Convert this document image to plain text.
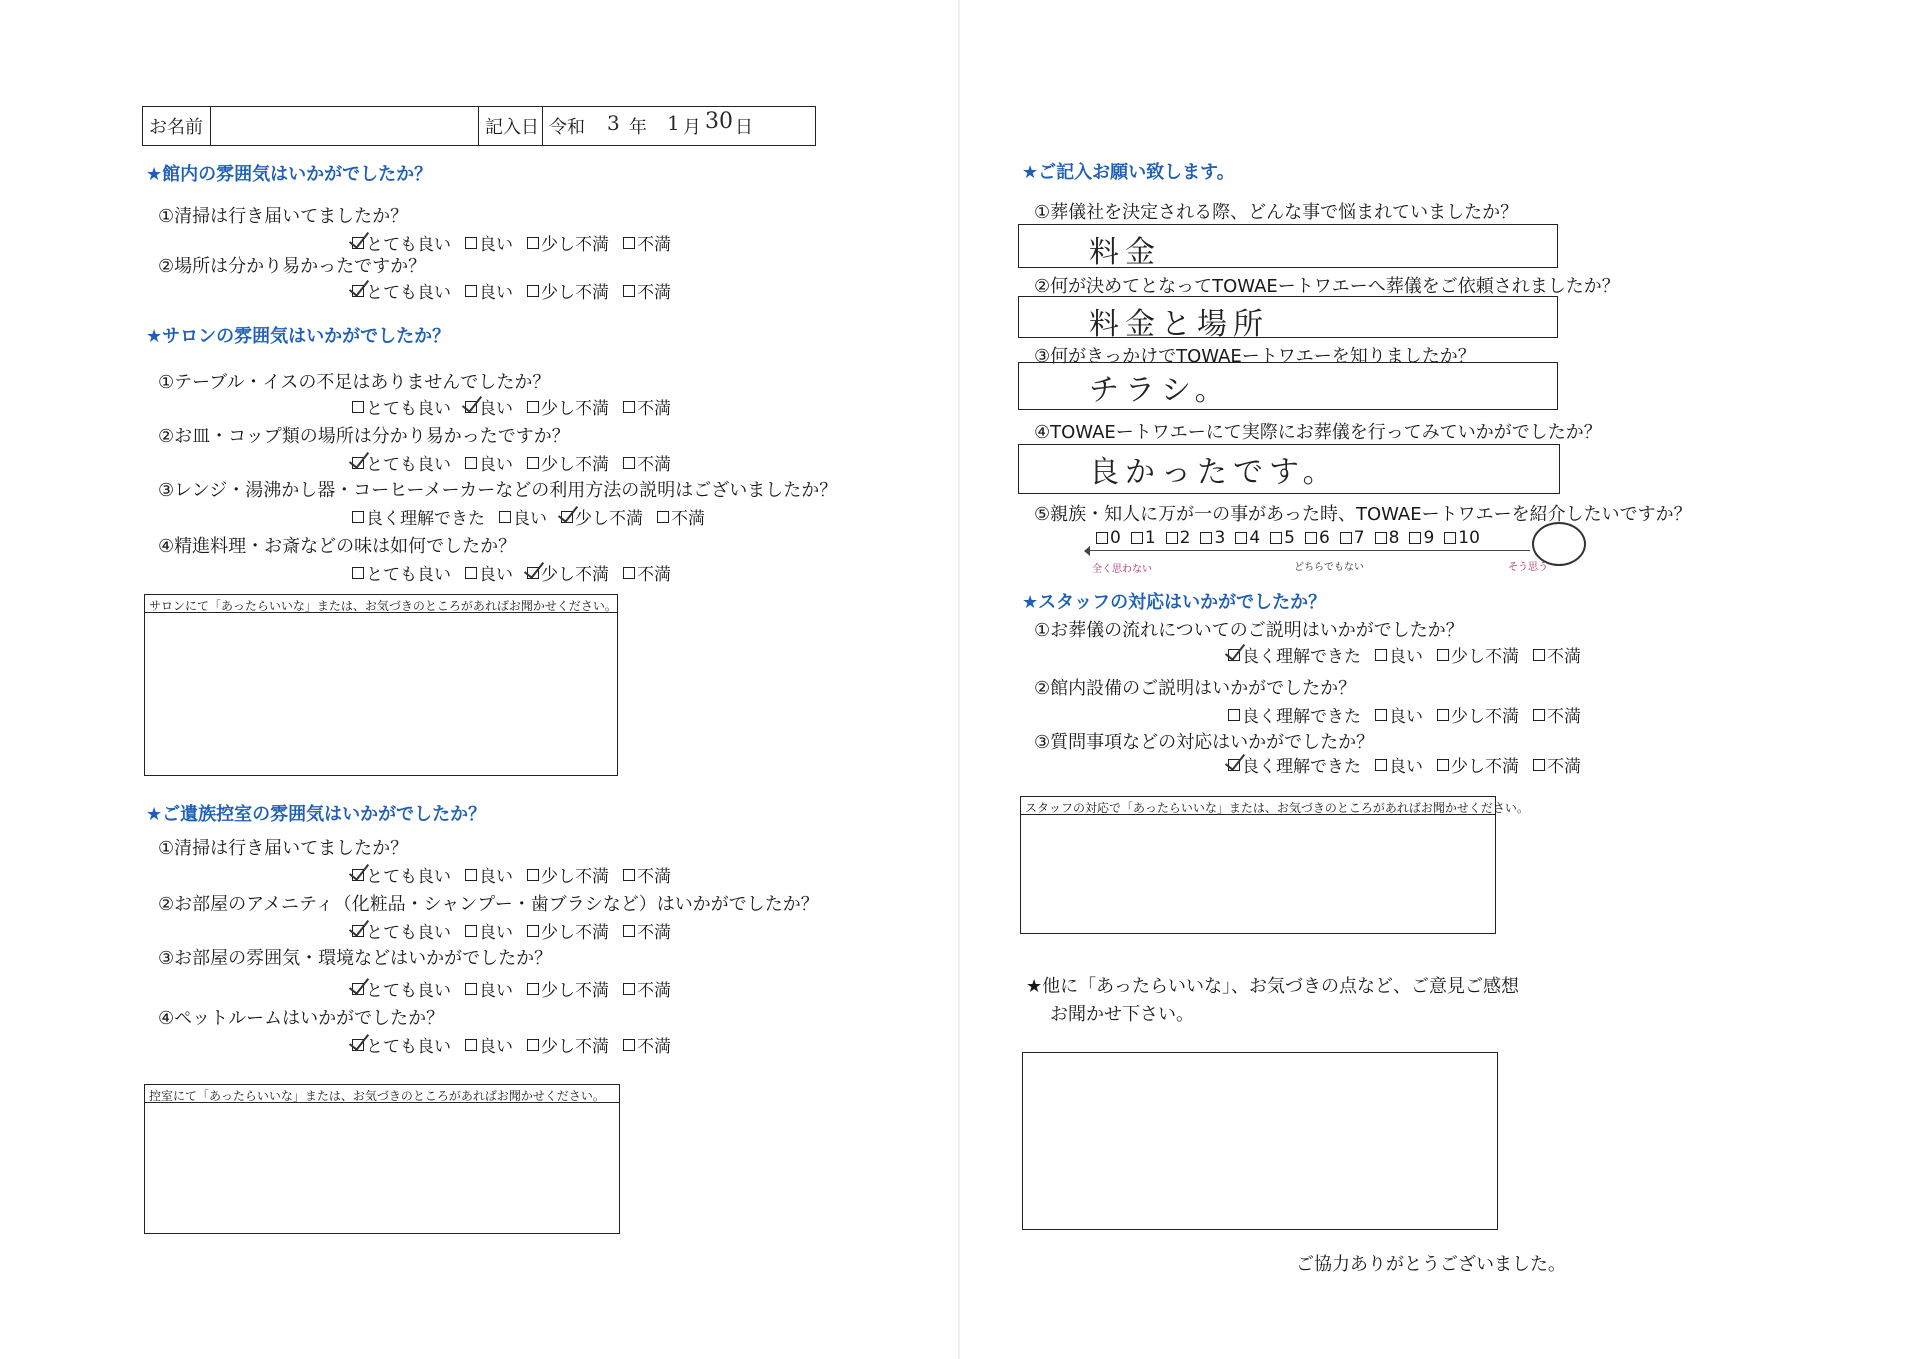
お名前	記入日 令和 3 年 1 月 30 日
★館内の雰囲気はいかがでしたか？
①清掃は行き届いてましたか？
とても良い 良い 少し不満 不満
②場所は分かり易かったですか？
とても良い 良い 少し不満 不満
★サロンの雰囲気はいかがでしたか？
①テーブル・イスの不足はありませんでしたか？
とても良い 良い 少し不満 不満
②お皿・コップ類の場所は分かり易かったですか？
とても良い 良い 少し不満 不満
③レンジ・湯沸かし器・コーヒーメーカーなどの利用方法の説明はございましたか？
良く理解できた 良い 少し不満 不満
④精進料理・お斎などの味は如何でしたか？
とても良い 良い 少し不満 不満
サロンにて「あったらいいな」または、お気づきのところがあればお聞かせください。
★ご遺族控室の雰囲気はいかがでしたか？
①清掃は行き届いてましたか？
とても良い 良い 少し不満 不満
②お部屋のアメニティ（化粧品・シャンプー・歯ブラシなど）はいかがでしたか？
とても良い 良い 少し不満 不満
③お部屋の雰囲気・環境などはいかがでしたか？
とても良い 良い 少し不満 不満
④ペットルームはいかがでしたか？
とても良い 良い 少し不満 不満
控室にて「あったらいいな」または、お気づきのところがあればお聞かせください。
★ご記入お願い致します。
①葬儀社を決定される際、どんな事で悩まれていましたか？
料金
②何が決めてとなってTOWAEートワエーへ葬儀をご依頼されましたか？
料金と場所
③何がきっかけでTOWAEートワエーを知りましたか？
チラシ。
④TOWAEートワエーにて実際にお葬儀を行ってみていかがでしたか？
良かったです。
⑤親族・知人に万が一の事があった時、TOWAEートワエーを紹介したいですか？
0 1 2 3 4 5 6 7 8 9 10
全く思わない	どちらでもない	そう思う
★スタッフの対応はいかがでしたか？
①お葬儀の流れについてのご説明はいかがでしたか？
良く理解できた 良い 少し不満 不満
②館内設備のご説明はいかがでしたか？
良く理解できた 良い 少し不満 不満
③質問事項などの対応はいかがでしたか？
良く理解できた 良い 少し不満 不満
スタッフの対応で「あったらいいな」または、お気づきのところがあればお聞かせください。
★他に「あったらいいな」、お気づきの点など、ご意見ご感想
お聞かせ下さい。
ご協力ありがとうございました。
